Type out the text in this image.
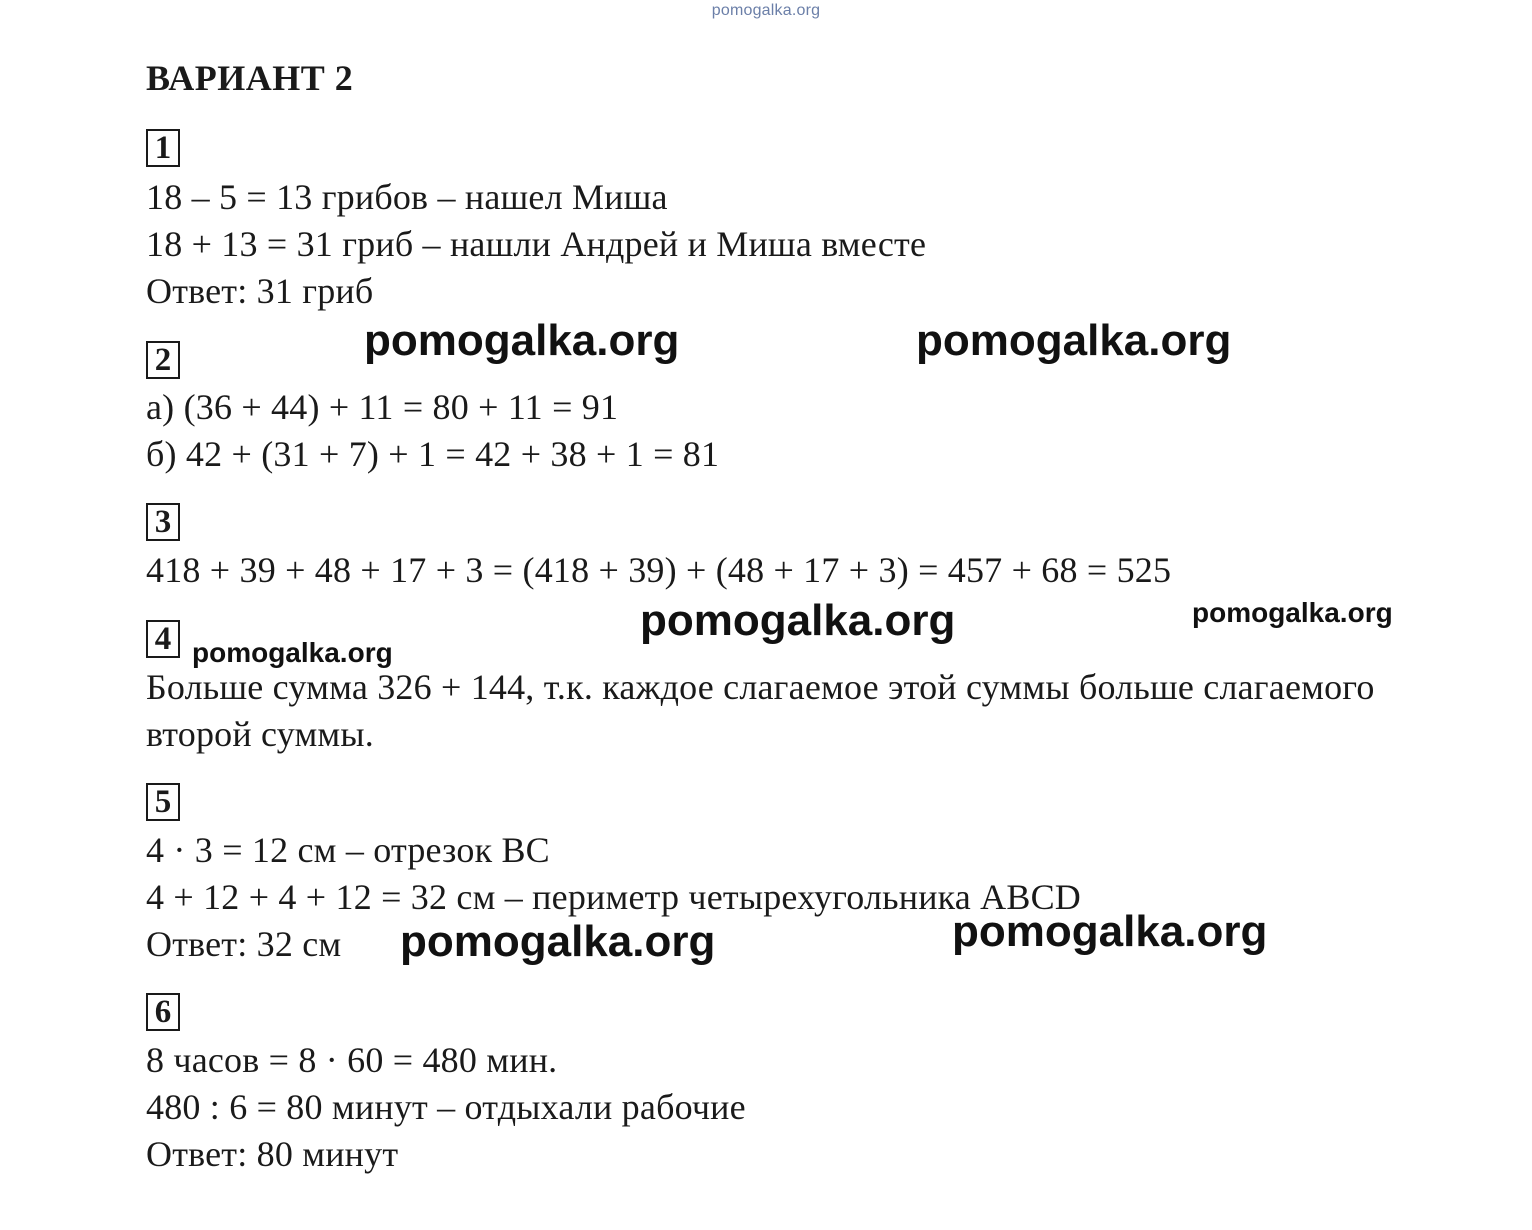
pomogalka.org
ВАРИАНТ 2
1
18 – 5 = 13 грибов – нашел Миша
18 + 13 = 31 гриб – нашли Андрей и Миша вместе
Ответ: 31 гриб
2
а) (36 + 44) + 11 = 80 + 11 = 91
б) 42 + (31 + 7) + 1 = 42 + 38 + 1 = 81
3
418 + 39 + 48 + 17 + 3 = (418 + 39) + (48 + 17 + 3) = 457 + 68 = 525
4
Больше сумма 326 + 144, т.к. каждое слагаемое этой суммы больше слагаемого
второй суммы.
5
4 · 3 = 12 см – отрезок ВС
4 + 12 + 4 + 12 = 32 см – периметр четырехугольника ABCD
Ответ: 32 см
6
8 часов = 8 · 60 = 480 мин.
480 : 6 = 80 минут – отдыхали рабочие
Ответ: 80 минут
pomogalka.org	pomogalka.org
pomogalka.org	pomogalka.org
pomogalka.org
pomogalka.org	pomogalka.org
